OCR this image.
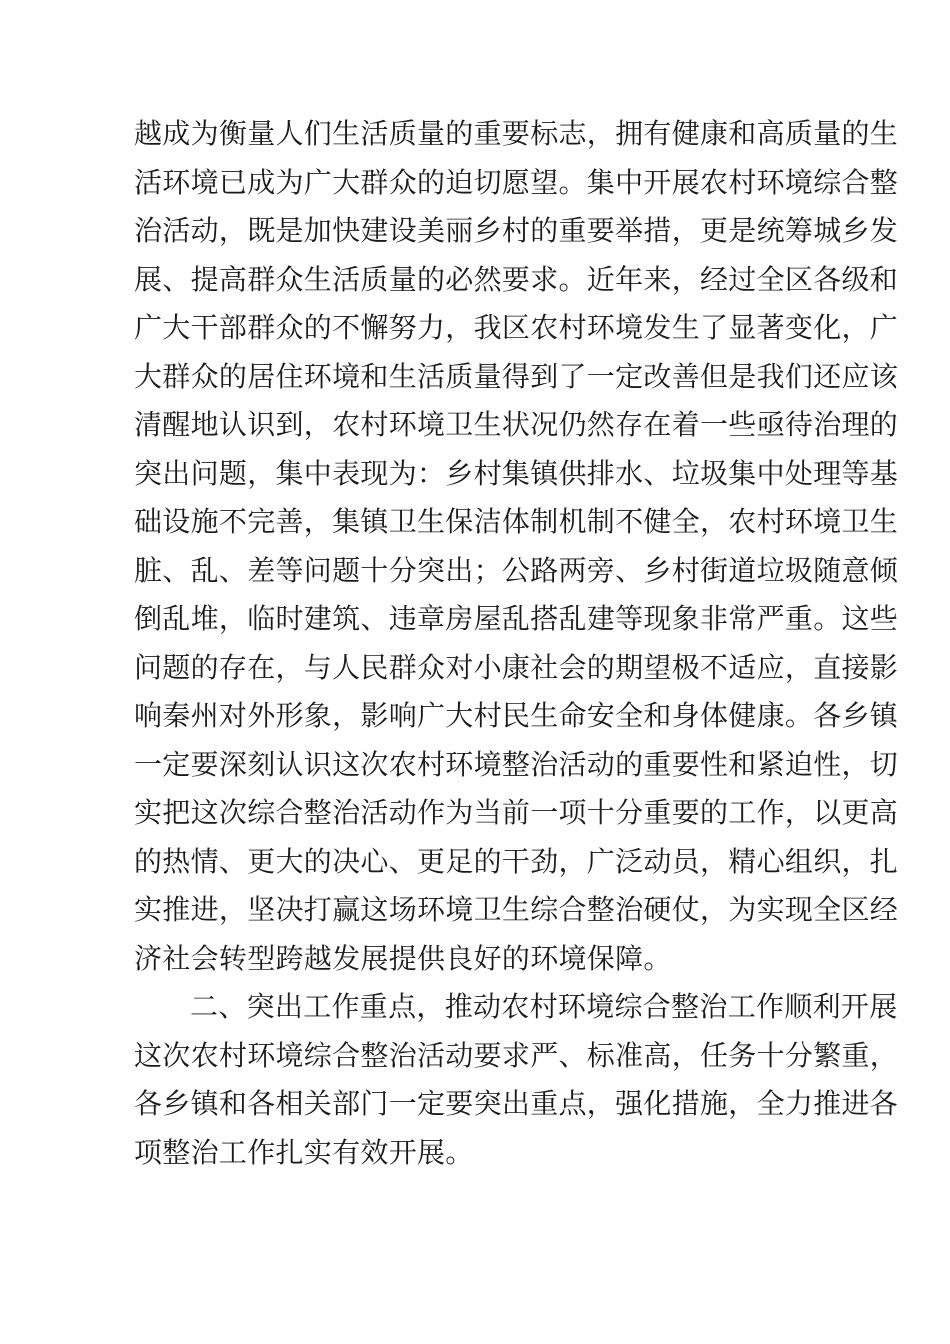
越成为衡量人们生活质量的重要标志，拥有健康和高质量的生
活环境已成为广大群众的迫切愿望。集中开展农村环境综合整
治活动，既是加快建设美丽乡村的重要举措，更是统筹城乡发
展、提高群众生活质量的必然要求。近年来，经过全区各级和
广大干部群众的不懈努力，我区农村环境发生了显著变化，广
大群众的居住环境和生活质量得到了一定改善但是我们还应该
清醒地认识到，农村环境卫生状况仍然存在着一些亟待治理的
突出问题，集中表现为：乡村集镇供排水、垃圾集中处理等基
础设施不完善，集镇卫生保洁体制机制不健全，农村环境卫生
脏、乱、差等问题十分突出；公路两旁、乡村街道垃圾随意倾
倒乱堆，临时建筑、违章房屋乱搭乱建等现象非常严重。这些
问题的存在，与人民群众对小康社会的期望极不适应，直接影
响秦州对外形象，影响广大村民生命安全和身体健康。各乡镇
一定要深刻认识这次农村环境整治活动的重要性和紧迫性，切
实把这次综合整治活动作为当前一项十分重要的工作，以更高
的热情、更大的决心、更足的干劲，广泛动员，精心组织，扎
实推进，坚决打赢这场环境卫生综合整治硬仗，为实现全区经
济社会转型跨越发展提供良好的环境保障。
二、突出工作重点，推动农村环境综合整治工作顺利开展
这次农村环境综合整治活动要求严、标准高，任务十分繁重，
各乡镇和各相关部门一定要突出重点，强化措施，全力推进各
项整治工作扎实有效开展。
